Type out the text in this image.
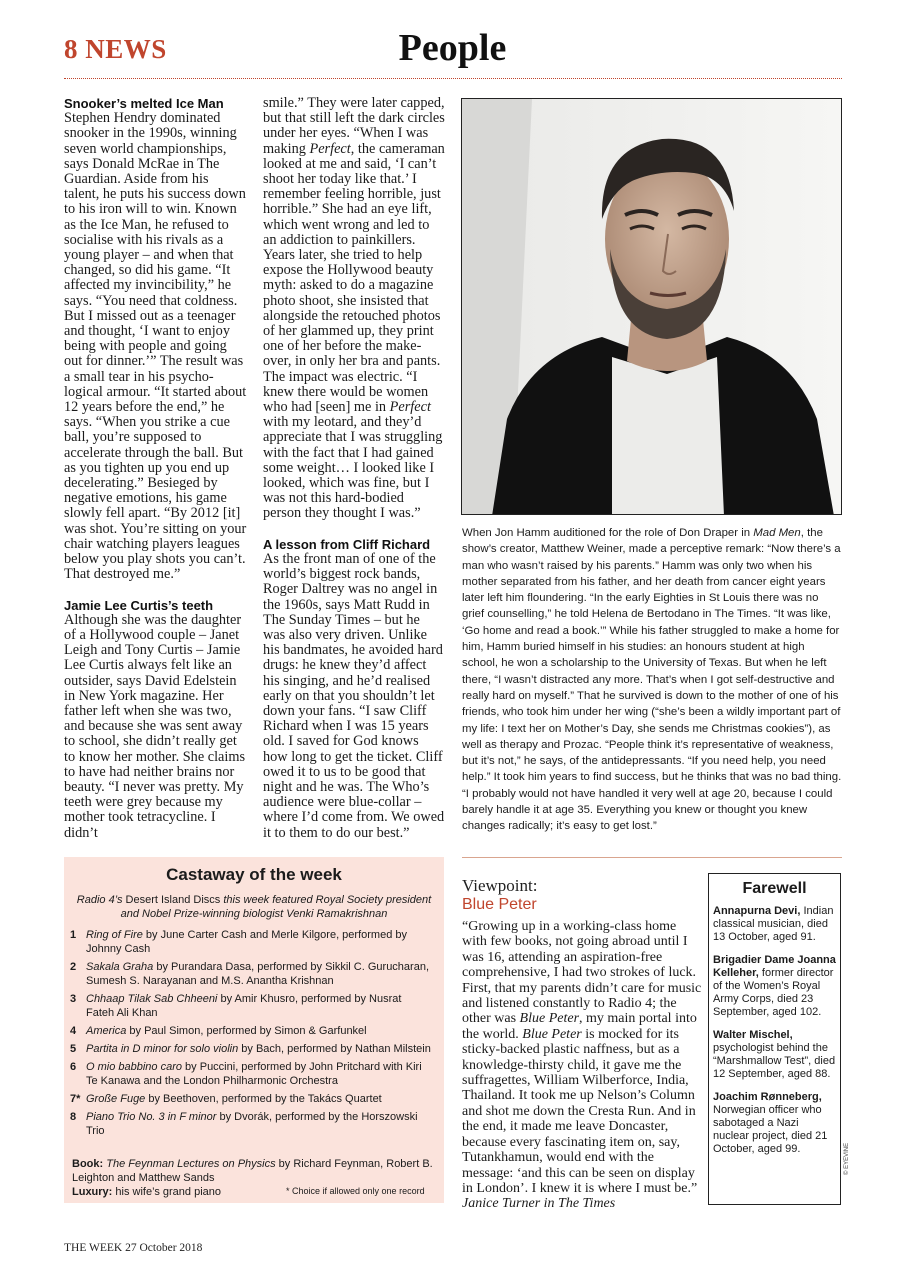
8 NEWS	People
Snooker’s melted Ice Man

Stephen Hendry dominated snooker in the 1990s, winning seven world championships, says Donald McRae in The Guardian. Aside from his talent, he puts his success down to his iron will to win. Known as the Ice Man, he refused to socialise with his rivals as a young player – and when that changed, so did his game. “It affected my invincibility,” he says. “You need that coldness. But I missed out as a teenager and thought, ‘I want to enjoy being with people and going out for dinner.’” The result was a small tear in his psycho-logical armour. “It started about 12 years before the end,” he says. “When you strike a cue ball, you’re supposed to accelerate through the ball. But as you tighten up you end up decelerating.” Besieged by negative emotions, his game slowly fell apart. “By 2012 [it] was shot. You’re sitting on your chair watching players leagues below you play shots you can’t. That destroyed me.”

Jamie Lee Curtis’s teeth

Although she was the daughter of a Hollywood couple – Janet Leigh and Tony Curtis – Jamie Lee Curtis always felt like an outsider, says David Edelstein in New York magazine. Her father left when she was two, and because she was sent away to school, she didn’t really get to know her mother. She claims to have had neither brains nor beauty. “I never was pretty. My teeth were grey because my mother took tetracycline. I didn’t

smile.” They were later capped, but that still left the dark circles under her eyes. “When I was making Perfect, the cameraman looked at me and said, ‘I can’t shoot her today like that.’ I remember feeling horrible, just horrible.” She had an eye lift, which went wrong and led to an addiction to painkillers. Years later, she tried to help expose the Hollywood beauty myth: asked to do a magazine photo shoot, she insisted that alongside the retouched photos of her glammed up, they print one of her before the make-over, in only her bra and pants. The impact was electric. “I knew there would be women who had [seen] me in Perfect with my leotard, and they’d appreciate that I was struggling with the fact that I had gained some weight… I looked like I looked, which was fine, but I was not this hard-bodied person they thought I was.”

A lesson from Cliff Richard

As the front man of one of the world’s biggest rock bands, Roger Daltrey was no angel in the 1960s, says Matt Rudd in The Sunday Times – but he was also very driven. Unlike his bandmates, he avoided hard drugs: he knew they’d affect his singing, and he’d realised early on that you shouldn’t let down your fans. “I saw Cliff Richard when I was 15 years old. I saved for God knows how long to get the ticket. Cliff owed it to us to be good that night and he was. The Who’s audience were blue-collar – where I’d come from. We owed it to them to do our best.”

When Jon Hamm auditioned for the role of Don Draper in Mad Men, the show’s creator, Matthew Weiner, made a perceptive remark: “Now there’s a man who wasn’t raised by his parents.” Hamm was only two when his mother separated from his father, and her death from cancer eight years later left him floundering. “In the early Eighties in St Louis there was no grief counselling,” he told Helena de Bertodano in The Times. “It was like, ‘Go home and read a book.’” While his father struggled to make a home for him, Hamm buried himself in his studies: an honours student at high school, he won a scholarship to the University of Texas. But when he left there, “I wasn’t distracted any more. That’s when I got self-destructive and really hard on myself.” That he survived is down to the mother of one of his friends, who took him under her wing (“she’s been a wildly important part of my life: I text her on Mother’s Day, she sends me Christmas cookies”), as well as therapy and Prozac. “People think it’s representative of weakness, but it’s not,” he says, of the antidepressants. “If you need help, you need help.” It took him years to find success, but he thinks that was no bad thing. “I probably would not have handled it very well at age 20, because I could barely handle it at age 35. Everything you knew or thought you knew changes radically; it’s easy to get lost.”
Castaway of the week
Radio 4’s Desert Island Discs this week featured Royal Society president and Nobel Prize-winning biologist Venki Ramakrishnan
1 Ring of Fire by June Carter Cash and Merle Kilgore, performed by Johnny Cash
2 Sakala Graha by Purandara Dasa, performed by Sikkil C. Gurucharan, Sumesh S. Narayanan and M.S. Anantha Krishnan
3 Chhaap Tilak Sab Chheeni by Amir Khusro, performed by Nusrat Fateh Ali Khan
4 America by Paul Simon, performed by Simon & Garfunkel
5 Partita in D minor for solo violin by Bach, performed by Nathan Milstein
6 O mio babbino caro by Puccini, performed by John Pritchard with Kiri Te Kanawa and the London Philharmonic Orchestra
7* Große Fuge by Beethoven, performed by the Takács Quartet
8 Piano Trio No. 3 in F minor by Dvorák, performed by the Horszowski Trio
Book: The Feynman Lectures on Physics by Richard Feynman, Robert B. Leighton and Matthew Sands
Luxury: his wife’s grand piano	* Choice if allowed only one record
Viewpoint:
Blue Peter
“Growing up in a working-class home with few books, not going abroad until I was 16, attending an aspiration-free comprehensive, I had two strokes of luck. First, that my parents didn’t care for music and listened constantly to Radio 4; the other was Blue Peter, my main portal into the world. Blue Peter is mocked for its sticky-backed plastic naffness, but as a knowledge-thirsty child, it gave me the suffragettes, William Wilberforce, India, Thailand. It took me up Nelson’s Column and shot me down the Cresta Run. And in the end, it made me leave Doncaster, because every fascinating item on, say, Tutankhamun, would end with the message: ‘and this can be seen on display in London’. I knew it is where I must be.”
Janice Turner in The Times
Farewell
Annapurna Devi, Indian classical musician, died 13 October, aged 91.
Brigadier Dame Joanna Kelleher, former director of the Women’s Royal Army Corps, died 23 September, aged 102.
Walter Mischel, psychologist behind the “Marshmallow Test”, died 12 September, aged 88.
Joachim Rønneberg, Norwegian officer who sabotaged a Nazi nuclear project, died 21 October, aged 99.	© EYEVINE
THE WEEK 27 October 2018
